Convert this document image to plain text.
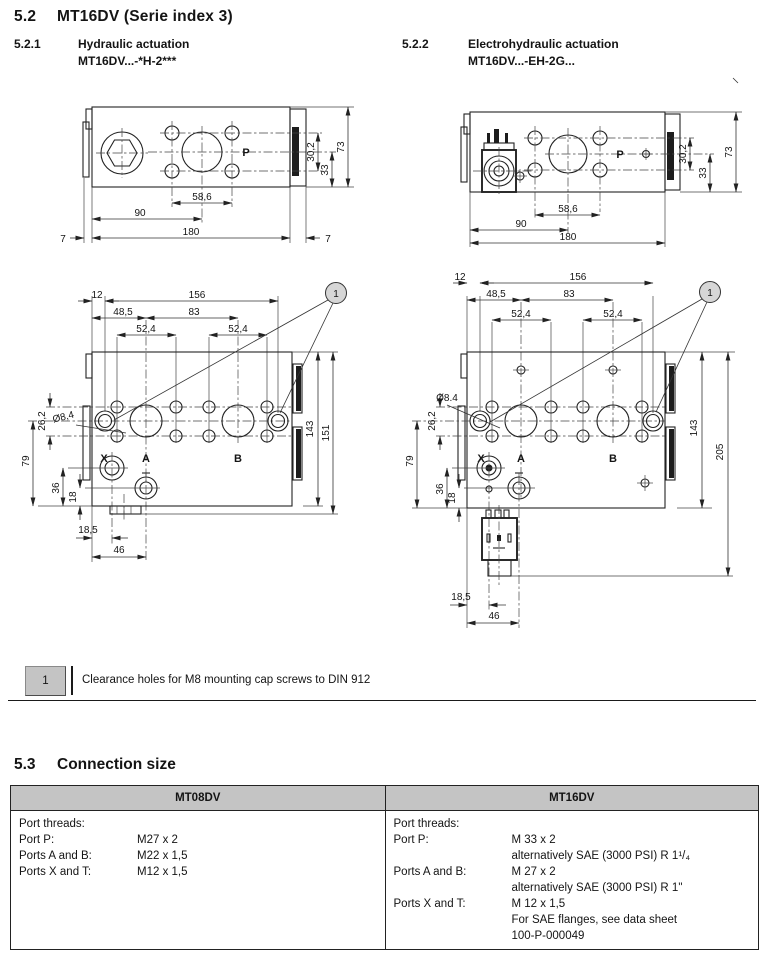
5.2 MT16DV (Serie index 3)
5.2.1	Hydraulic actuation
MT16DV...-*H-2***
5.2.2	Electrohydraulic actuation
MT16DV...-EH-2G...
P
58,6
90
180
7	7
30,2
33
73
P
58,6
90
180
30,2
33
73
12	156
48,5	83
52,4	52,4
X	A	B
26,2
79
36
18
18,5
46
143 151
1
Ø8,4
12	156
48,5	83
52,4	52,4
X	A	B
26,2
79
36
18
18,5
46
143
205
1
Ø8.4
1	Clearance holes for M8 mounting cap screws to DIN 912
5.3 Connection size
MT08DV	MT16DV
Port threads:
Port P:	M27 x 2
Ports A and B:	M22 x 1,5
Ports X and T:	M12 x 1,5
Port threads:
Port P:	M 33 x 2
alternatively SAE (3000 PSI) R 1¹/₄
Ports A and B:	M 27 x 2
alternatively SAE (3000 PSI) R 1"
Ports X and T:	M 12 x 1,5
For SAE flanges, see data sheet
100-P-000049
